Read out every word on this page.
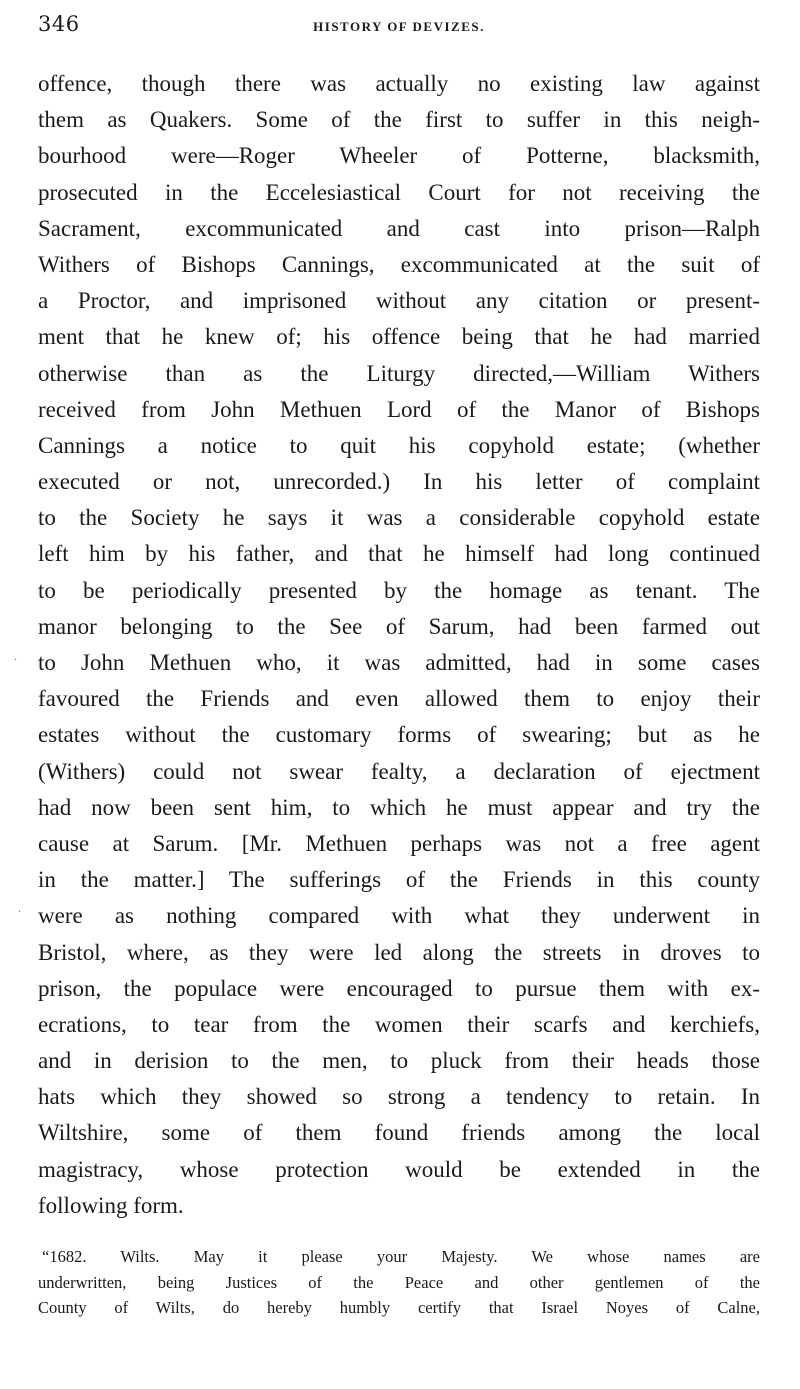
346	HISTORY OF DEVIZES.
offence, though there was actually no existing law against
them as Quakers. Some of the first to suffer in this neigh-
bourhood were—Roger Wheeler of Potterne, blacksmith,
prosecuted in the Eccelesiastical Court for not receiving the
Sacrament, excommunicated and cast into prison—Ralph
Withers of Bishops Cannings, excommunicated at the suit of
a Proctor, and imprisoned without any citation or present-
ment that he knew of; his offence being that he had married
otherwise than as the Liturgy directed,—William Withers
received from John Methuen Lord of the Manor of Bishops
Cannings a notice to quit his copyhold estate; (whether
executed or not, unrecorded.) In his letter of complaint
to the Society he says it was a considerable copyhold estate
left him by his father, and that he himself had long continued
to be periodically presented by the homage as tenant. The
manor belonging to the See of Sarum, had been farmed out
to John Methuen who, it was admitted, had in some cases
favoured the Friends and even allowed them to enjoy their
estates without the customary forms of swearing; but as he
(Withers) could not swear fealty, a declaration of ejectment
had now been sent him, to which he must appear and try the
cause at Sarum. [Mr. Methuen perhaps was not a free agent
in the matter.] The sufferings of the Friends in this county
were as nothing compared with what they underwent in
Bristol, where, as they were led along the streets in droves to
prison, the populace were encouraged to pursue them with ex-
ecrations, to tear from the women their scarfs and kerchiefs,
and in derision to the men, to pluck from their heads those
hats which they showed so strong a tendency to retain. In
Wiltshire, some of them found friends among the local
magistracy, whose protection would be extended in the
following form.
“1682. Wilts. May it please your Majesty. We whose names are
underwritten, being Justices of the Peace and other gentlemen of the
County of Wilts, do hereby humbly certify that Israel Noyes of Calne,
·
·
